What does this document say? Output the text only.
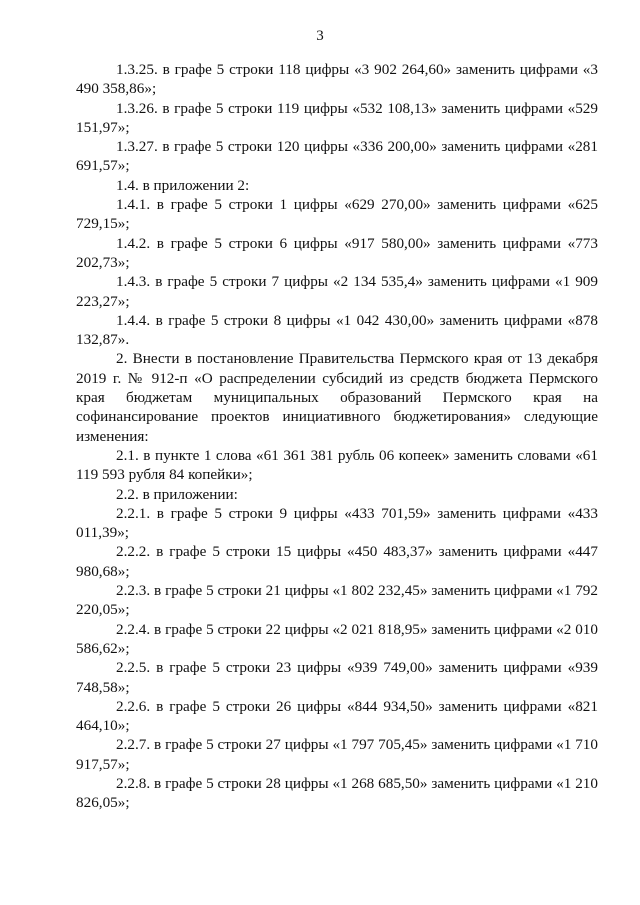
3

1.3.25. в графе 5 строки 118 цифры «3 902 264,60» заменить цифрами «3 490 358,86»;

1.3.26. в графе 5 строки 119 цифры «532 108,13» заменить цифрами «529 151,97»;

1.3.27. в графе 5 строки 120 цифры «336 200,00» заменить цифрами «281 691,57»;

1.4. в приложении 2:

1.4.1. в графе 5 строки 1 цифры «629 270,00» заменить цифрами «625 729,15»;

1.4.2. в графе 5 строки 6 цифры «917 580,00» заменить цифрами «773 202,73»;

1.4.3. в графе 5 строки 7 цифры «2 134 535,4» заменить цифрами «1 909 223,27»;

1.4.4. в графе 5 строки 8 цифры «1 042 430,00» заменить цифрами «878 132,87».

2. Внести в постановление Правительства Пермского края от 13 декабря 2019 г. № 912-п «О распределении субсидий из средств бюджета Пермского края бюджетам муниципальных образований Пермского края на софинансирование проектов инициативного бюджетирования» следующие изменения:

2.1. в пункте 1 слова «61 361 381 рубль 06 копеек» заменить словами «61 119 593 рубля 84 копейки»;

2.2. в приложении:

2.2.1. в графе 5 строки 9 цифры «433 701,59» заменить цифрами «433 011,39»;

2.2.2. в графе 5 строки 15 цифры «450 483,37» заменить цифрами «447 980,68»;

2.2.3. в графе 5 строки 21 цифры «1 802 232,45» заменить цифрами «1 792 220,05»;

2.2.4. в графе 5 строки 22 цифры «2 021 818,95» заменить цифрами «2 010 586,62»;

2.2.5. в графе 5 строки 23 цифры «939 749,00» заменить цифрами «939 748,58»;

2.2.6. в графе 5 строки 26 цифры «844 934,50» заменить цифрами «821 464,10»;

2.2.7. в графе 5 строки 27 цифры «1 797 705,45» заменить цифрами «1 710 917,57»;

2.2.8. в графе 5 строки 28 цифры «1 268 685,50» заменить цифрами «1 210 826,05»;
